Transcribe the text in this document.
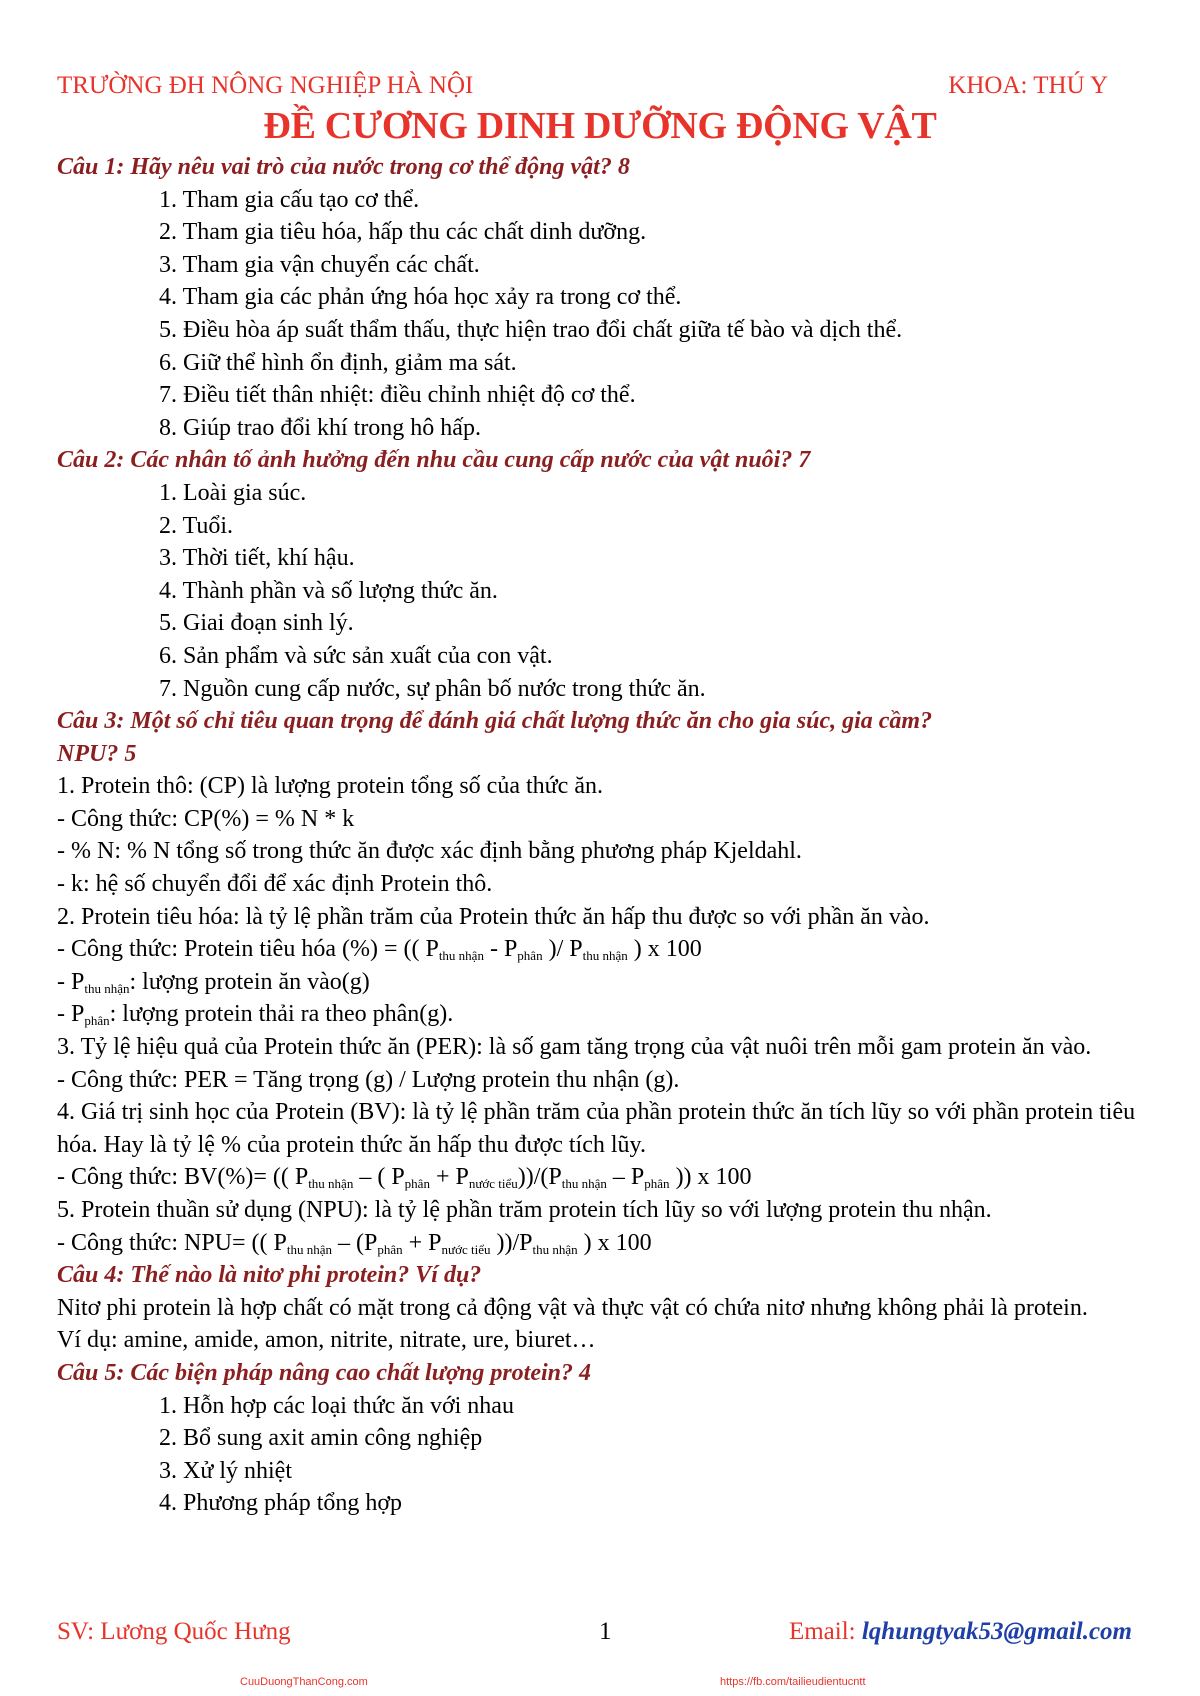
TRƯỜNG ĐH NÔNG NGHIỆP HÀ NỘI	KHOA: THÚ Y
ĐỀ CƯƠNG DINH DƯỠNG ĐỘNG VẬT
Câu 1: Hãy nêu vai trò của nước trong cơ thể động vật? 8
1. Tham gia cấu tạo cơ thể.
2. Tham gia tiêu hóa, hấp thu các chất dinh dưỡng.
3. Tham gia vận chuyển các chất.
4. Tham gia các phản ứng hóa học xảy ra trong cơ thể.
5. Điều hòa áp suất thẩm thấu, thực hiện trao đổi chất giữa tế bào và dịch thể.
6. Giữ thể hình ổn định, giảm ma sát.
7. Điều tiết thân nhiệt: điều chỉnh nhiệt độ cơ thể.
8. Giúp trao đổi khí trong hô hấp.
Câu 2: Các nhân tố ảnh hưởng đến nhu cầu cung cấp nước của vật nuôi? 7
1. Loài gia súc.
2. Tuổi.
3. Thời tiết, khí hậu.
4. Thành phần và số lượng thức ăn.
5. Giai đoạn sinh lý.
6. Sản phẩm và sức sản xuất của con vật.
7. Nguồn cung cấp nước, sự phân bố nước trong thức ăn.
Câu 3: Một số chỉ tiêu quan trọng để đánh giá chất lượng thức ăn cho gia súc, gia cầm?
NPU? 5
1. Protein thô: (CP) là lượng protein tổng số của thức ăn.
- Công thức: CP(%) = % N * k
- % N: % N tổng số trong thức ăn được xác định bằng phương pháp Kjeldahl.
- k: hệ số chuyển đổi để xác định Protein thô.
2. Protein tiêu hóa: là tỷ lệ phần trăm của Protein thức ăn hấp thu được so với phần ăn vào.
- Công thức: Protein tiêu hóa (%) = (( $P_{thu nhận} - P_{phân}$ )/ $P_{thu nhận}$ ) x 100
- $P_{thu nhận}$: lượng protein ăn vào(g)
- $P_{phân}$: lượng protein thải ra theo phân(g).
3. Tỷ lệ hiệu quả của Protein thức ăn (PER): là số gam tăng trọng của vật nuôi trên mỗi gam protein ăn vào.
- Công thức: PER = Tăng trọng (g) / Lượng protein thu nhận (g).
4. Giá trị sinh học của Protein (BV): là tỷ lệ phần trăm của phần protein thức ăn tích lũy so với phần protein tiêu hóa. Hay là tỷ lệ % của protein thức ăn hấp thu được tích lũy.
- Công thức: BV(%)= (( $P_{thu nhận}$ – ( $P_{phân} + P_{nước tiểu}))/(P_{thu nhận} - P_{phân}$ )) x 100
5. Protein thuần sử dụng (NPU): là tỷ lệ phần trăm protein tích lũy so với lượng protein thu nhận.
- Công thức: NPU= (( $P_{thu nhận} - (P_{phân} + P_{nước tiểu}$ ))$/P_{thu nhận}$ ) x 100
Câu 4: Thế nào là nitơ phi protein? Ví dụ?
Nitơ phi protein là hợp chất có mặt trong cả động vật và thực vật có chứa nitơ nhưng không phải là protein.
Ví dụ: amine, amide, amon, nitrite, nitrate, ure, biuret…
Câu 5: Các biện pháp nâng cao chất lượng protein? 4
1. Hỗn hợp các loại thức ăn với nhau
2. Bổ sung axit amin công nghiệp
3. Xử lý nhiệt
4. Phương pháp tổng hợp
SV: Lương Quốc Hưng	1	Email: lqhungtyak53@gmail.com
CuuDuongThanCong.com	https://fb.com/tailieudientucntt
